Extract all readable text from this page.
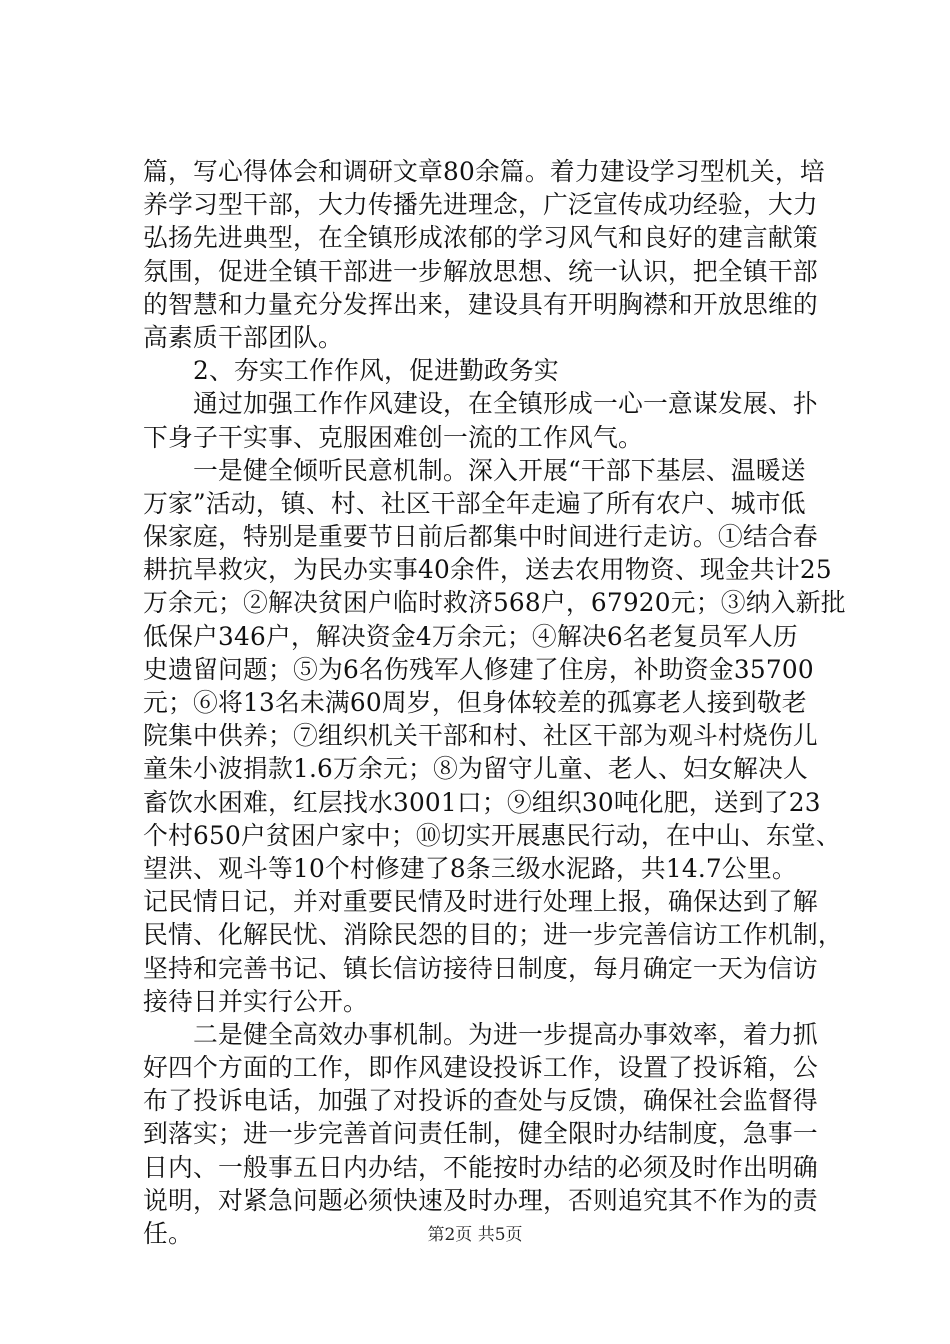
篇，写心得体会和调研文章80余篇。着力建设学习型机关，培
养学习型干部，大力传播先进理念，广泛宣传成功经验，大力
弘扬先进典型，在全镇形成浓郁的学习风气和良好的建言献策
氛围，促进全镇干部进一步解放思想、统一认识，把全镇干部
的智慧和力量充分发挥出来，建设具有开明胸襟和开放思维的
高素质干部团队。
　　2、夯实工作作风，促进勤政务实
　　通过加强工作作风建设，在全镇形成一心一意谋发展、扑
下身子干实事、克服困难创一流的工作风气。
　　一是健全倾听民意机制。深入开展“干部下基层、温暖送
万家”活动，镇、村、社区干部全年走遍了所有农户、城市低
保家庭，特别是重要节日前后都集中时间进行走访。①结合春
耕抗旱救灾，为民办实事40余件，送去农用物资、现金共计25
万余元；②解决贫困户临时救济568户，67920元；③纳入新批
低保户346户，解决资金4万余元；④解决6名老复员军人历
史遗留问题；⑤为6名伤残军人修建了住房，补助资金35700
元；⑥将13名未满60周岁，但身体较差的孤寡老人接到敬老
院集中供养；⑦组织机关干部和村、社区干部为观斗村烧伤儿
童朱小波捐款1.6万余元；⑧为留守儿童、老人、妇女解决人
畜饮水困难，红层找水3001口；⑨组织30吨化肥，送到了23
个村650户贫困户家中；⑩切实开展惠民行动，在中山、东堂、
望洪、观斗等10个村修建了8条三级水泥路，共14.7公里。
记民情日记，并对重要民情及时进行处理上报，确保达到了解
民情、化解民忧、消除民怨的目的；进一步完善信访工作机制，
坚持和完善书记、镇长信访接待日制度，每月确定一天为信访
接待日并实行公开。
　　二是健全高效办事机制。为进一步提高办事效率，着力抓
好四个方面的工作，即作风建设投诉工作，设置了投诉箱，公
布了投诉电话，加强了对投诉的查处与反馈，确保社会监督得
到落实；进一步完善首问责任制，健全限时办结制度，急事一
日内、一般事五日内办结，不能按时办结的必须及时作出明确
说明，对紧急问题必须快速及时办理，否则追究其不作为的责
任。	第2页 共5页
